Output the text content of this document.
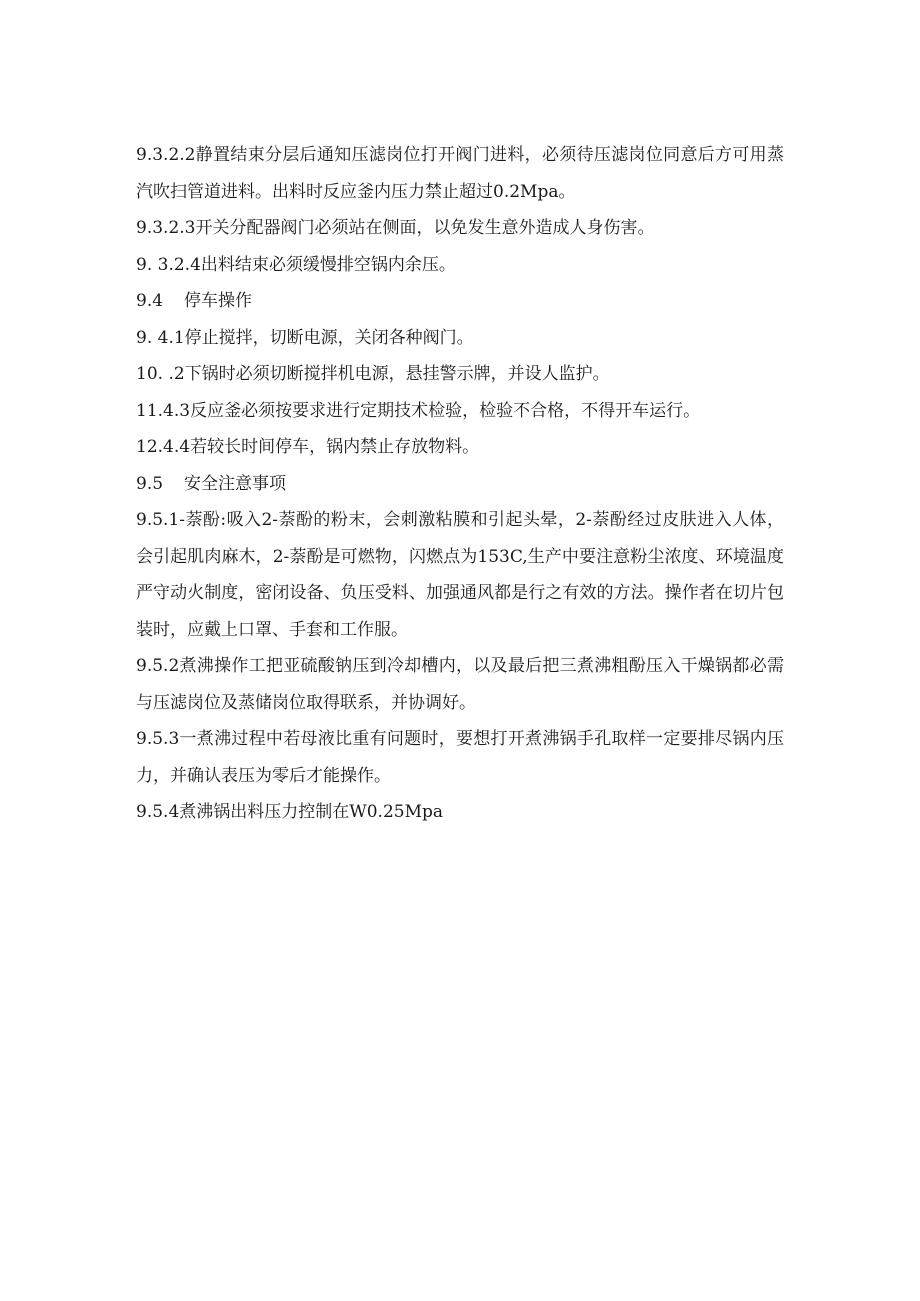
9.3.2.2静置结束分层后通知压滤岗位打开阀门进料，必须待压滤岗位同意后方可用蒸汽吹扫管道进料。出料时反应釜内压力禁止超过0.2Mpa。

9.3.2.3开关分配器阀门必须站在侧面，以免发生意外造成人身伤害。

9. 3.2.4出料结束必须缓慢排空锅内余压。

9.4 停车操作

9. 4.1停止搅拌，切断电源，关闭各种阀门。

10. .2下锅时必须切断搅拌机电源，悬挂警示牌，并设人监护。

11.4.3反应釜必须按要求进行定期技术检验，检验不合格，不得开车运行。

12.4.4若较长时间停车，锅内禁止存放物料。

9.5 安全注意事项

9.5.1-萘酚:吸入2-萘酚的粉末，会刺激粘膜和引起头晕，2-萘酚经过皮肤进入人体，会引起肌肉麻木，2-萘酚是可燃物，闪燃点为153C,生产中要注意粉尘浓度、环境温度严守动火制度，密闭设备、负压受料、加强通风都是行之有效的方法。操作者在切片包装时，应戴上口罩、手套和工作服。

9.5.2煮沸操作工把亚硫酸钠压到冷却槽内，以及最后把三煮沸粗酚压入干燥锅都必需与压滤岗位及蒸储岗位取得联系，并协调好。

9.5.3一煮沸过程中若母液比重有问题时，要想打开煮沸锅手孔取样一定要排尽锅内压力，并确认表压为零后才能操作。

9.5.4煮沸锅出料压力控制在W0.25Mpa
